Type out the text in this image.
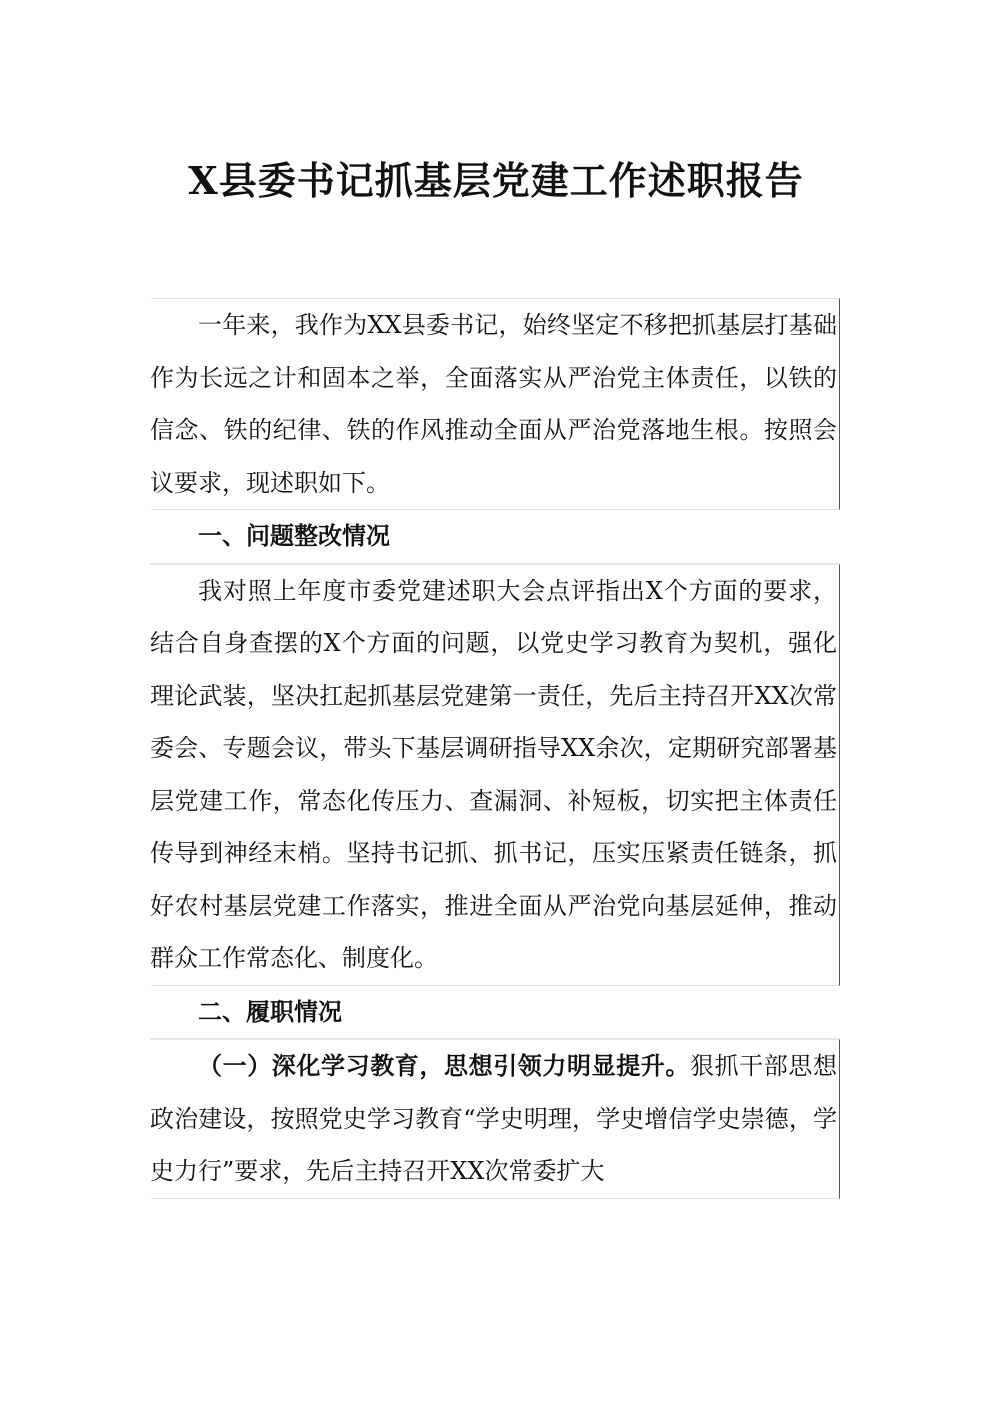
X县委书记抓基层党建工作述职报告

一年来，我作为XX县委书记，始终坚定不移把抓基层打基础作为长远之计和固本之举，全面落实从严治党主体责任，以铁的信念、铁的纪律、铁的作风推动全面从严治党落地生根。按照会议要求，现述职如下。

一、问题整改情况

我对照上年度市委党建述职大会点评指出X个方面的要求，结合自身查摆的X个方面的问题，以党史学习教育为契机，强化理论武装，坚决扛起抓基层党建第一责任，先后主持召开XX次常委会、专题会议，带头下基层调研指导XX余次，定期研究部署基层党建工作，常态化传压力、查漏洞、补短板，切实把主体责任传导到神经末梢。坚持书记抓、抓书记，压实压紧责任链条，抓好农村基层党建工作落实，推进全面从严治党向基层延伸，推动群众工作常态化、制度化。

二、履职情况

（一）深化学习教育，思想引领力明显提升。狠抓干部思想政治建设，按照党史学习教育“学史明理，学史增信学史崇德，学史力行”要求，先后主持召开XX次常委扩大
